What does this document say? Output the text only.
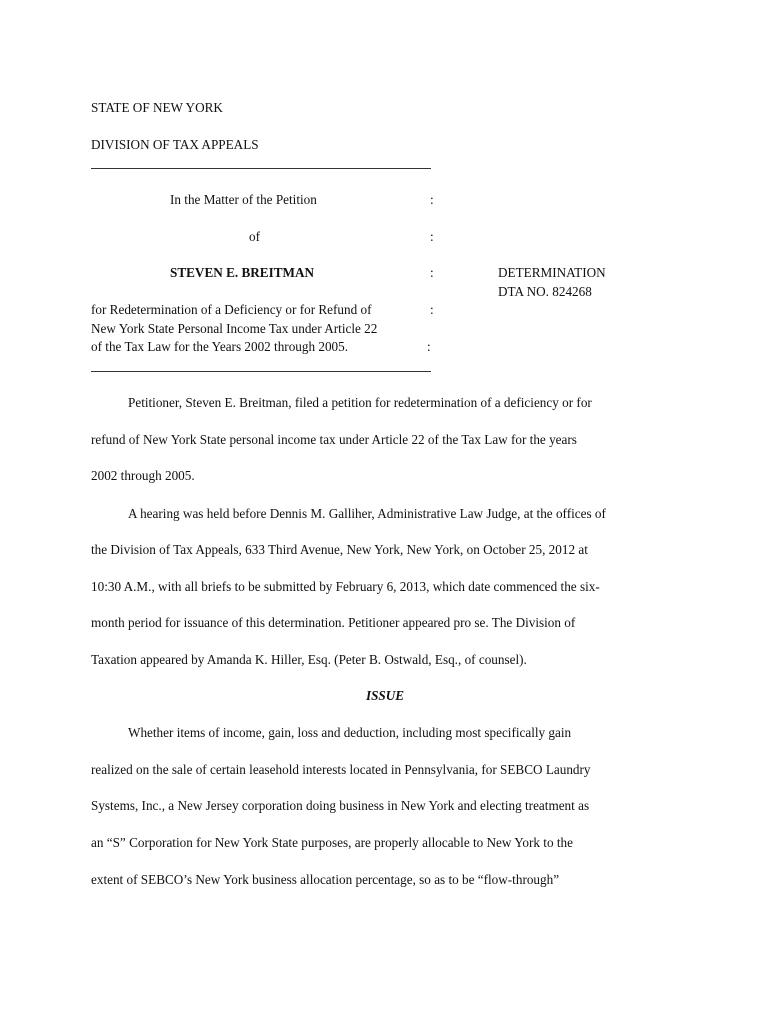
STATE OF NEW YORK
DIVISION OF TAX APPEALS
In the Matter of the Petition	:
of	:
STEVEN E. BREITMAN	:	DETERMINATION
DTA NO. 824268
for Redetermination of a Deficiency or for Refund of	:
New York State Personal Income Tax under Article 22
of the Tax Law for the Years 2002 through 2005.	:
Petitioner, Steven E. Breitman, filed a petition for redetermination of a deficiency or for
refund of New York State personal income tax under Article 22 of the Tax Law for the years
2002 through 2005.
A hearing was held before Dennis M. Galliher, Administrative Law Judge, at the offices of
the Division of Tax Appeals, 633 Third Avenue, New York, New York, on October 25, 2012 at
10:30 A.M., with all briefs to be submitted by February 6, 2013, which date commenced the six-
month period for issuance of this determination. Petitioner appeared pro se. The Division of
Taxation appeared by Amanda K. Hiller, Esq. (Peter B. Ostwald, Esq., of counsel).
ISSUE
Whether items of income, gain, loss and deduction, including most specifically gain
realized on the sale of certain leasehold interests located in Pennsylvania, for SEBCO Laundry
Systems, Inc., a New Jersey corporation doing business in New York and electing treatment as
an “S” Corporation for New York State purposes, are properly allocable to New York to the
extent of SEBCO’s New York business allocation percentage, so as to be “flow-through”
